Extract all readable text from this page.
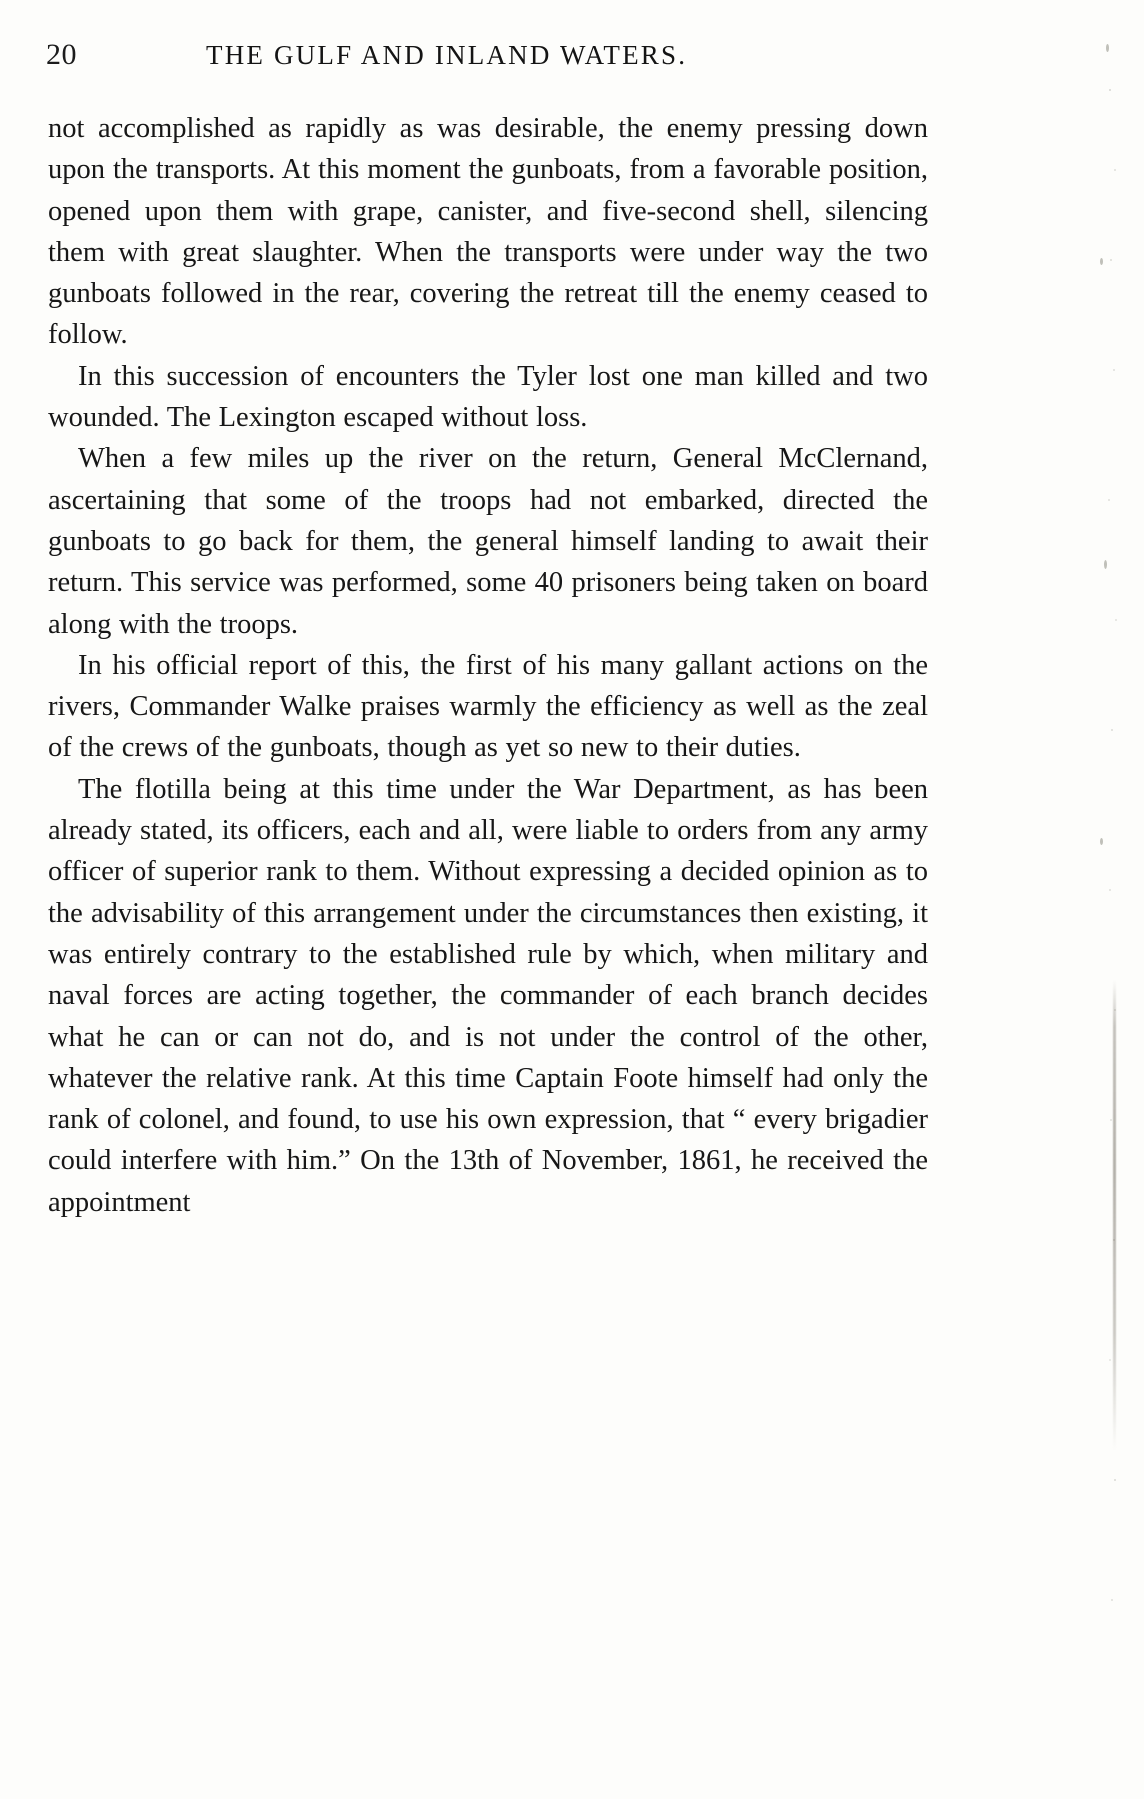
20	THE GULF AND INLAND WATERS.

not accomplished as rapidly as was desirable, the enemy pressing down upon the transports. At this moment the gunboats, from a favorable position, opened upon them with grape, canister, and five-second shell, silencing them with great slaughter. When the transports were under way the two gunboats followed in the rear, covering the retreat till the enemy ceased to follow.

In this succession of encounters the Tyler lost one man killed and two wounded. The Lexington escaped without loss.

When a few miles up the river on the return, General McClernand, ascertaining that some of the troops had not embarked, directed the gunboats to go back for them, the general himself landing to await their return. This service was performed, some 40 prisoners being taken on board along with the troops.

In his official report of this, the first of his many gallant actions on the rivers, Commander Walke praises warmly the efficiency as well as the zeal of the crews of the gunboats, though as yet so new to their duties.

The flotilla being at this time under the War Department, as has been already stated, its officers, each and all, were liable to orders from any army officer of superior rank to them. Without expressing a decided opinion as to the advisability of this arrangement under the circumstances then existing, it was entirely contrary to the established rule by which, when military and naval forces are acting together, the commander of each branch decides what he can or can not do, and is not under the control of the other, whatever the relative rank. At this time Captain Foote himself had only the rank of colonel, and found, to use his own expression, that “ every brigadier could interfere with him.” On the 13th of November, 1861, he received the appointment
